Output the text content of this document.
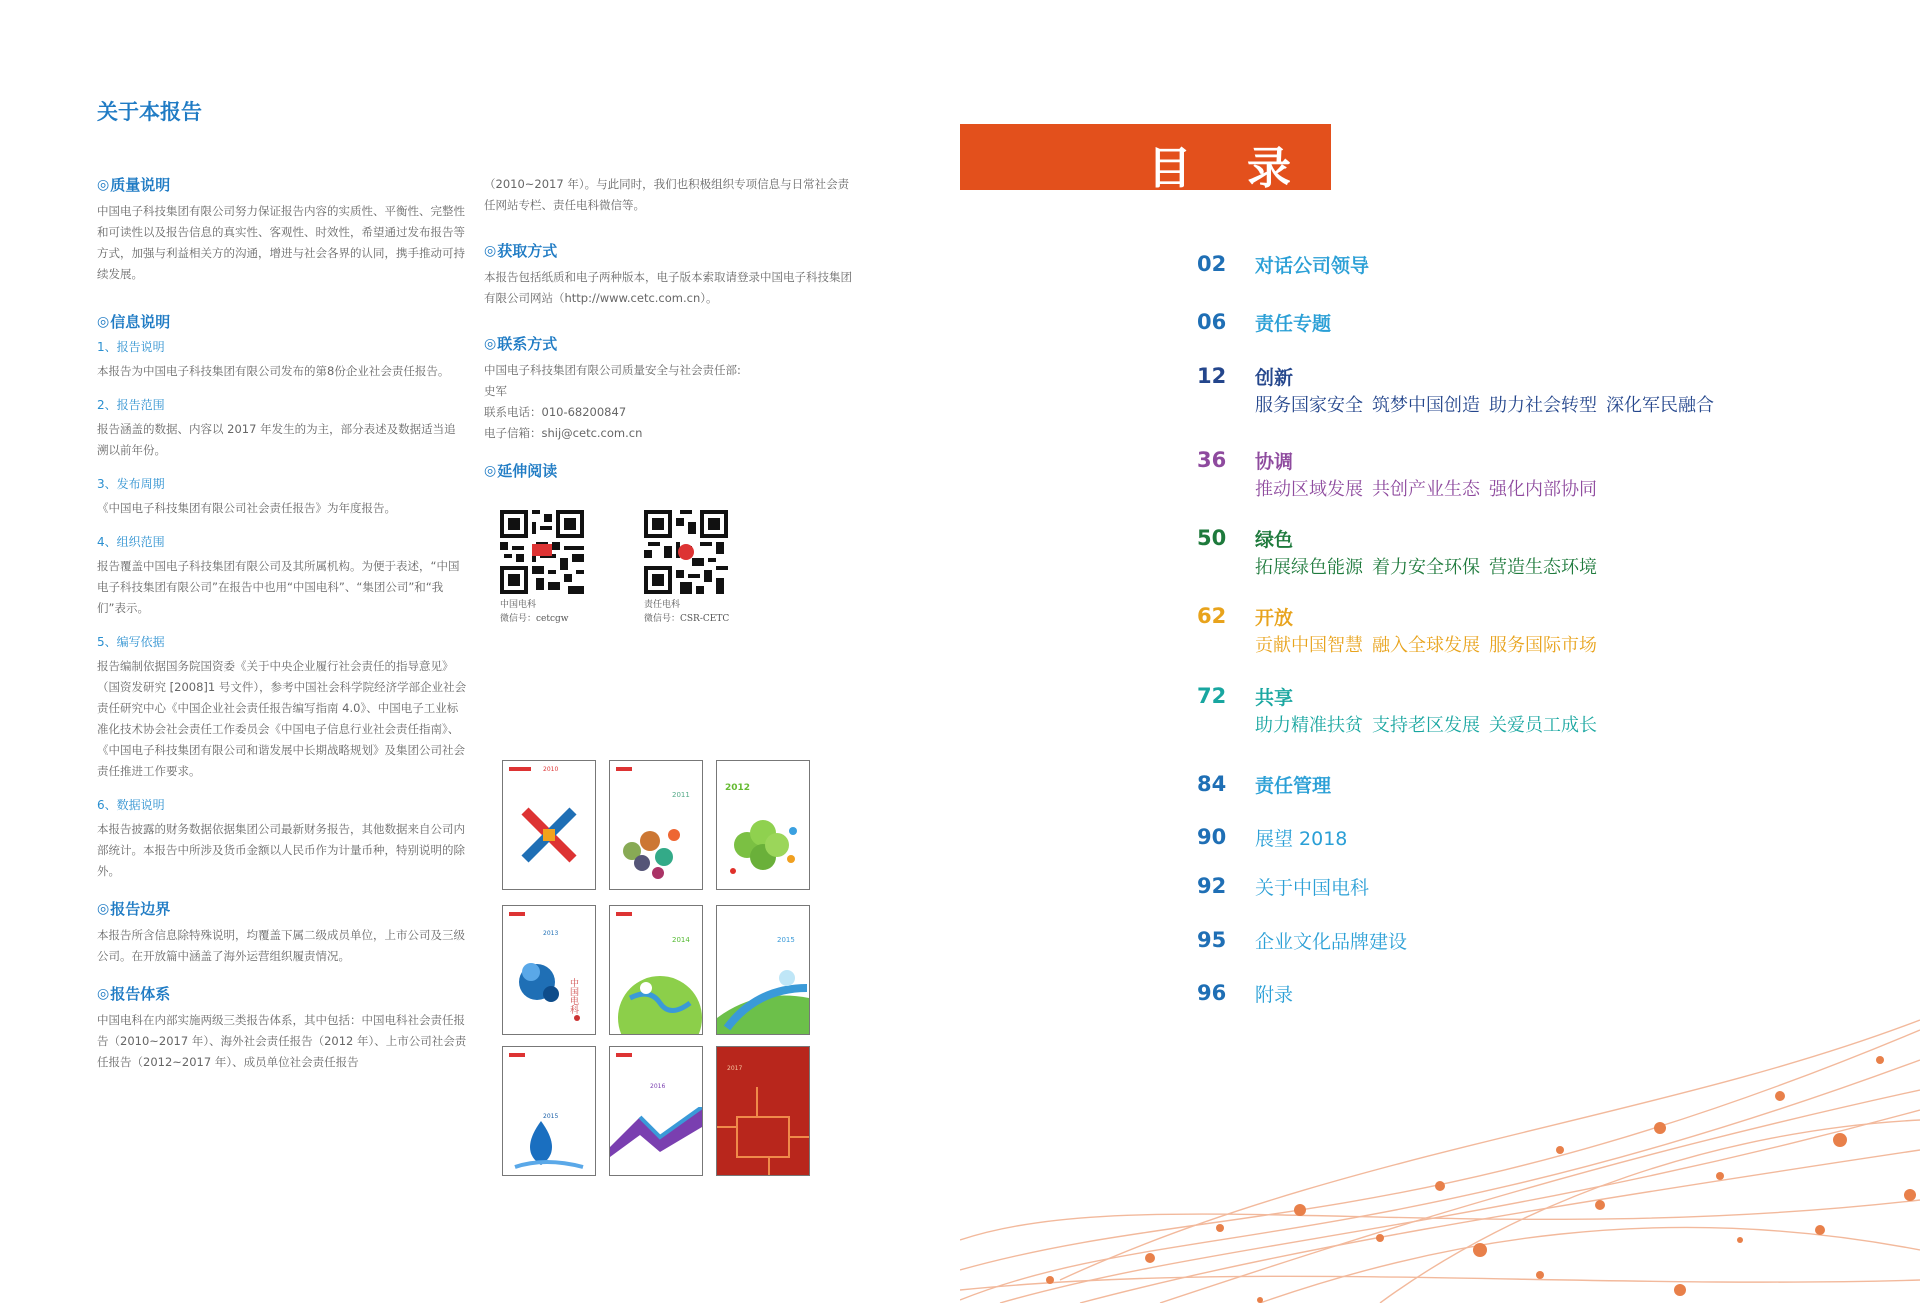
关于本报告
◎ 质量说明

中国电子科技集团有限公司努力保证报告内容的实质性、平衡性、完整性和可读性以及报告信息的真实性、客观性、时效性，希望通过发布报告等方式，加强与利益相关方的沟通，增进与社会各界的认同，携手推动可持续发展。

◎ 信息说明
1、报告说明

本报告为中国电子科技集团有限公司发布的第8份企业社会责任报告。

2、报告范围

报告涵盖的数据、内容以 2017 年发生的为主，部分表述及数据适当追溯以前年份。

3、发布周期

《中国电子科技集团有限公司社会责任报告》为年度报告。

4、组织范围

报告覆盖中国电子科技集团有限公司及其所属机构。为便于表述，“中国电子科技集团有限公司”在报告中也用“中国电科”、“集团公司”和“我们”表示。

5、编写依据

报告编制依据国务院国资委《关于中央企业履行社会责任的指导意见》（国资发研究 [2008]1 号文件），参考中国社会科学院经济学部企业社会责任研究中心《中国企业社会责任报告编写指南 4.0》、中国电子工业标准化技术协会社会责任工作委员会《中国电子信息行业社会责任指南》、《中国电子科技集团有限公司和谐发展中长期战略规划》及集团公司社会责任推进工作要求。

6、数据说明

本报告披露的财务数据依据集团公司最新财务报告，其他数据来自公司内部统计。本报告中所涉及货币金额以人民币作为计量币种，特别说明的除外。

◎ 报告边界

本报告所含信息除特殊说明，均覆盖下属二级成员单位，上市公司及三级公司。在开放篇中涵盖了海外运营组织履责情况。

◎ 报告体系

中国电科在内部实施两级三类报告体系，其中包括：中国电科社会责任报告（2010~2017 年）、海外社会责任报告（2012 年）、上市公司社会责任报告（2012~2017 年）、成员单位社会责任报告

（2010~2017 年）。与此同时，我们也积极组织专项信息与日常社会责任网站专栏、责任电科微信等。

◎ 获取方式

本报告包括纸质和电子两种版本，电子版本索取请登录中国电子科技集团有限公司网站（http://www.cetc.com.cn）。

◎ 联系方式

中国电子科技集团有限公司质量安全与社会责任部:

史军

联系电话：010-68200847

电子信箱：shij@cetc.com.cn

◎ 延伸阅读
中国电科
微信号：cetcgw
责任电科
微信号：CSR-CETC
2010
2011
2012
2013
中国电科
2014	2015
2015
2016
2017
目 录
02	对话公司领导
06	责任专题
12	创新
服务国家安全 筑梦中国创造 助力社会转型 深化军民融合
36	协调
推动区域发展 共创产业生态 强化内部协同
50	绿色
拓展绿色能源 着力安全环保 营造生态环境
62	开放
贡献中国智慧 融入全球发展 服务国际市场
72	共享
助力精准扶贫 支持老区发展 关爱员工成长
84	责任管理
90	展望 2018
92	关于中国电科
95	企业文化品牌建设
96	附录
